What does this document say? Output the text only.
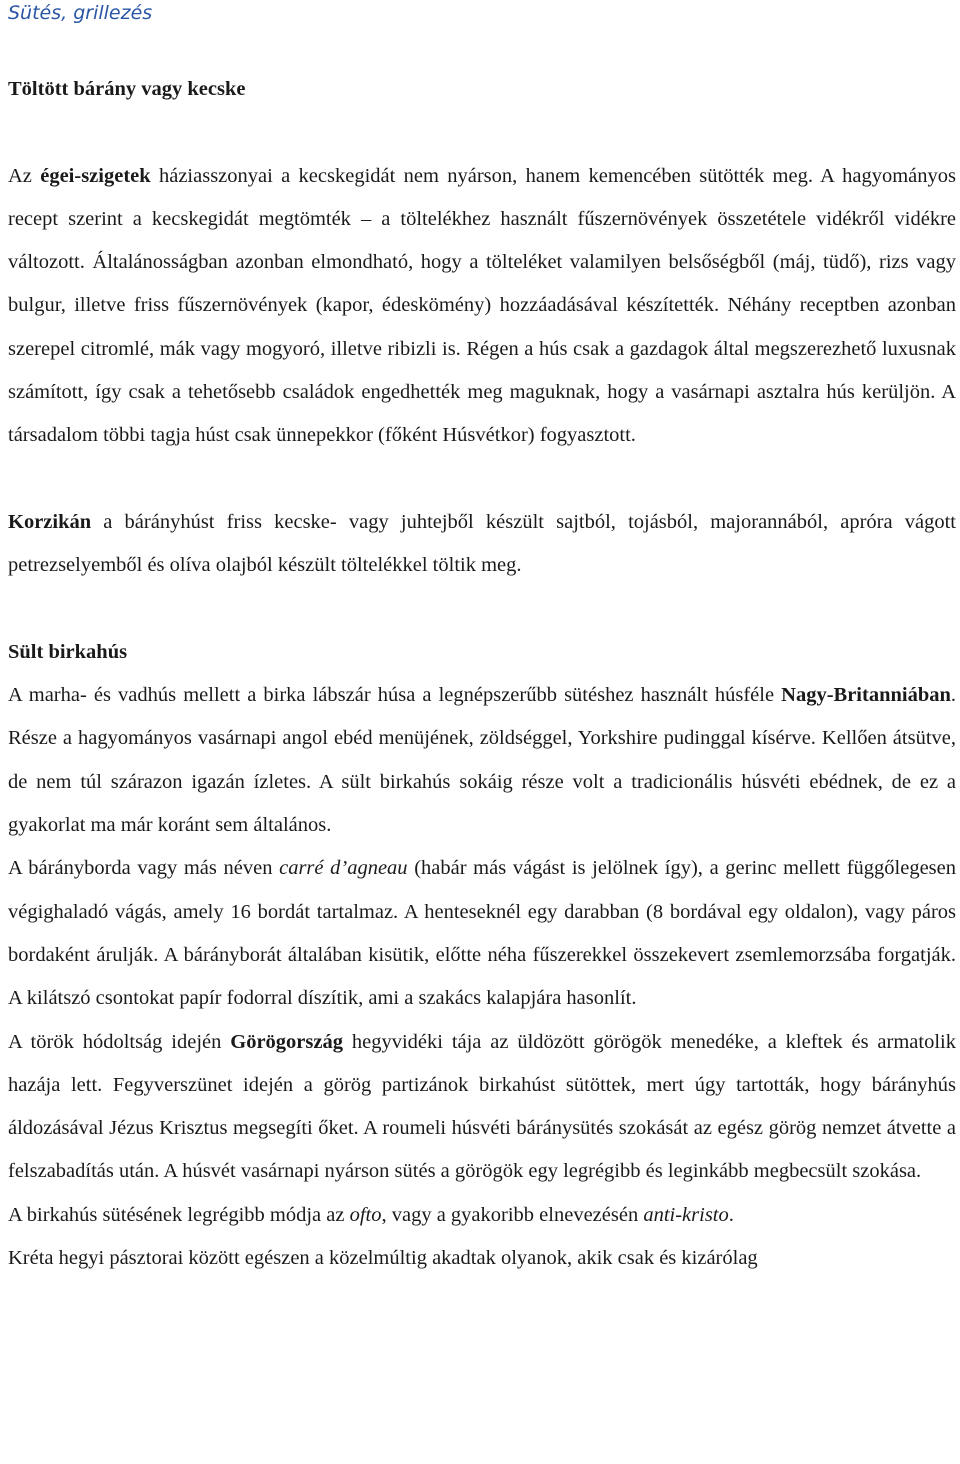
Sütés, grillezés

Töltött bárány vagy kecske

Az égei-szigetek háziasszonyai a kecskegidát nem nyárson, hanem kemencében sütötték meg. A hagyományos recept szerint a kecskegidát megtömték – a töltelékhez használt fűszernövények összetétele vidékről vidékre változott. Általánosságban azonban elmondható, hogy a tölteléket valamilyen belsőségből (máj, tüdő), rizs vagy bulgur, illetve friss fűszernövények (kapor, édeskömény) hozzáadásával készítették. Néhány receptben azonban szerepel citromlé, mák vagy mogyoró, illetve ribizli is. Régen a hús csak a gazdagok által megszerezhető luxusnak számított, így csak a tehetősebb családok engedhették meg maguknak, hogy a vasárnapi asztalra hús kerüljön. A társadalom többi tagja húst csak ünnepekkor (főként Húsvétkor) fogyasztott.

Korzikán a bárányhúst friss kecske- vagy juhtejből készült sajtból, tojásból, majorannából, apróra vágott petrezselyemből és olíva olajból készült töltelékkel töltik meg.

Sült birkahús

A marha- és vadhús mellett a birka lábszár húsa a legnépszerűbb sütéshez használt húsféle Nagy-Britanniában. Része a hagyományos vasárnapi angol ebéd menüjének, zöldséggel, Yorkshire pudinggal kísérve. Kellően átsütve, de nem túl szárazon igazán ízletes. A sült birkahús sokáig része volt a tradicionális húsvéti ebédnek, de ez a gyakorlat ma már koránt sem általános.

A bárányborda vagy más néven carré d’agneau (habár más vágást is jelölnek így), a gerinc mellett függőlegesen végighaladó vágás, amely 16 bordát tartalmaz. A henteseknél egy darabban (8 bordával egy oldalon), vagy páros bordaként árulják. A bárányborát általában kisütik, előtte néha fűszerekkel összekevert zsemlemorzsába forgatják. A kilátszó csontokat papír fodorral díszítik, ami a szakács kalapjára hasonlít.

A török hódoltság idején Görögország hegyvidéki tája az üldözött görögök menedéke, a kleftek és armatolik hazája lett. Fegyverszünet idején a görög partizánok birkahúst sütöttek, mert úgy tartották, hogy bárányhús áldozásával Jézus Krisztus megsegíti őket. A roumeli húsvéti báránysütés szokását az egész görög nemzet átvette a felszabadítás után. A húsvét vasárnapi nyárson sütés a görögök egy legrégibb és leginkább megbecsült szokása.

A birkahús sütésének legrégibb módja az ofto, vagy a gyakoribb elnevezésén anti-kristo.

Kréta hegyi pásztorai között egészen a közelmúltig akadtak olyanok, akik csak és kizárólag
